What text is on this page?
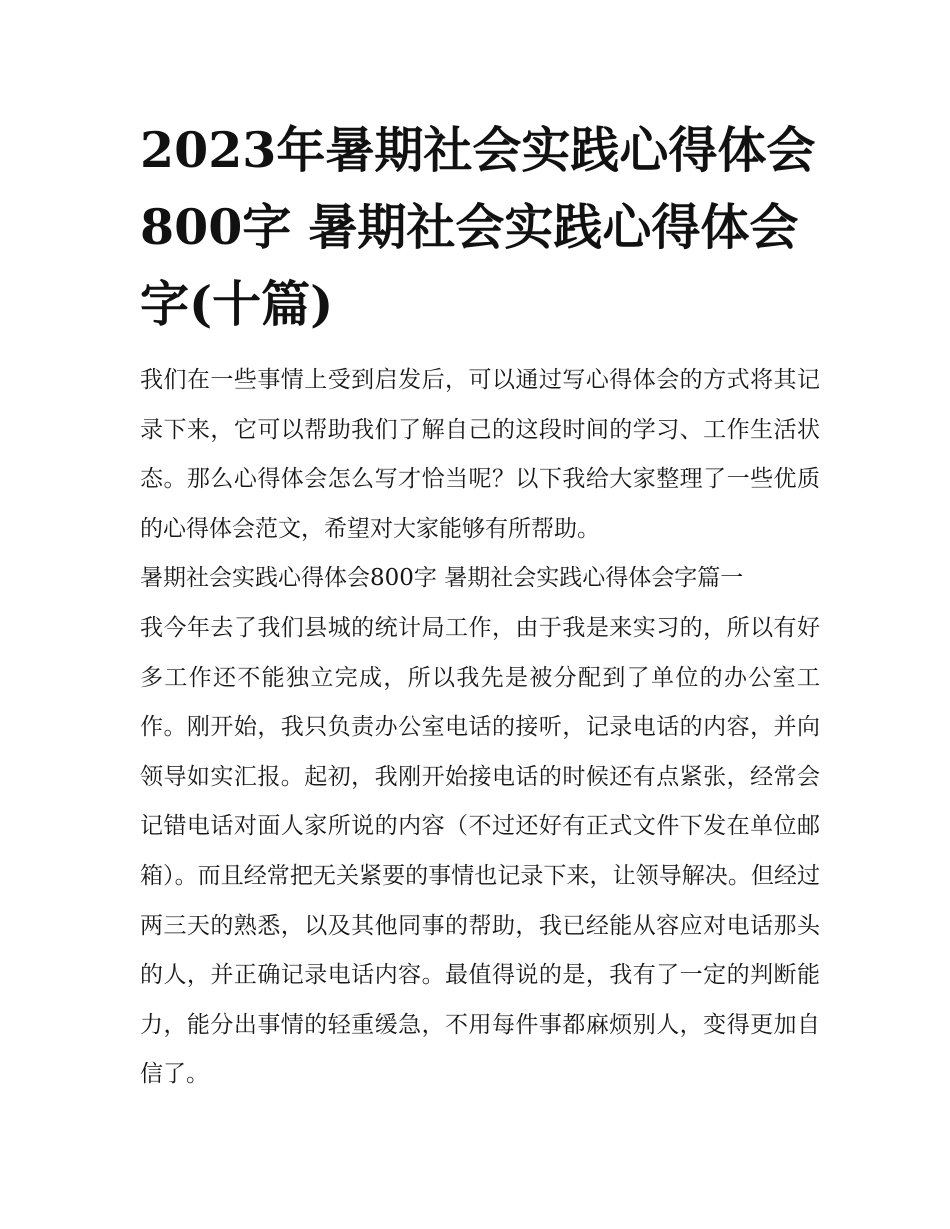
2023年暑期社会实践心得体会800字 暑期社会实践心得体会字(十篇)

我们在一些事情上受到启发后，可以通过写心得体会的方式将其记录下来，它可以帮助我们了解自己的这段时间的学习、工作生活状态。那么心得体会怎么写才恰当呢？以下我给大家整理了一些优质的心得体会范文，希望对大家能够有所帮助。

暑期社会实践心得体会800字 暑期社会实践心得体会字篇一

我今年去了我们县城的统计局工作，由于我是来实习的，所以有好多工作还不能独立完成，所以我先是被分配到了单位的办公室工作。刚开始，我只负责办公室电话的接听，记录电话的内容，并向领导如实汇报。起初，我刚开始接电话的时候还有点紧张，经常会记错电话对面人家所说的内容（不过还好有正式文件下发在单位邮箱）。而且经常把无关紧要的事情也记录下来，让领导解决。但经过两三天的熟悉，以及其他同事的帮助，我已经能从容应对电话那头的人，并正确记录电话内容。最值得说的是，我有了一定的判断能力，能分出事情的轻重缓急，不用每件事都麻烦别人，变得更加自信了。
